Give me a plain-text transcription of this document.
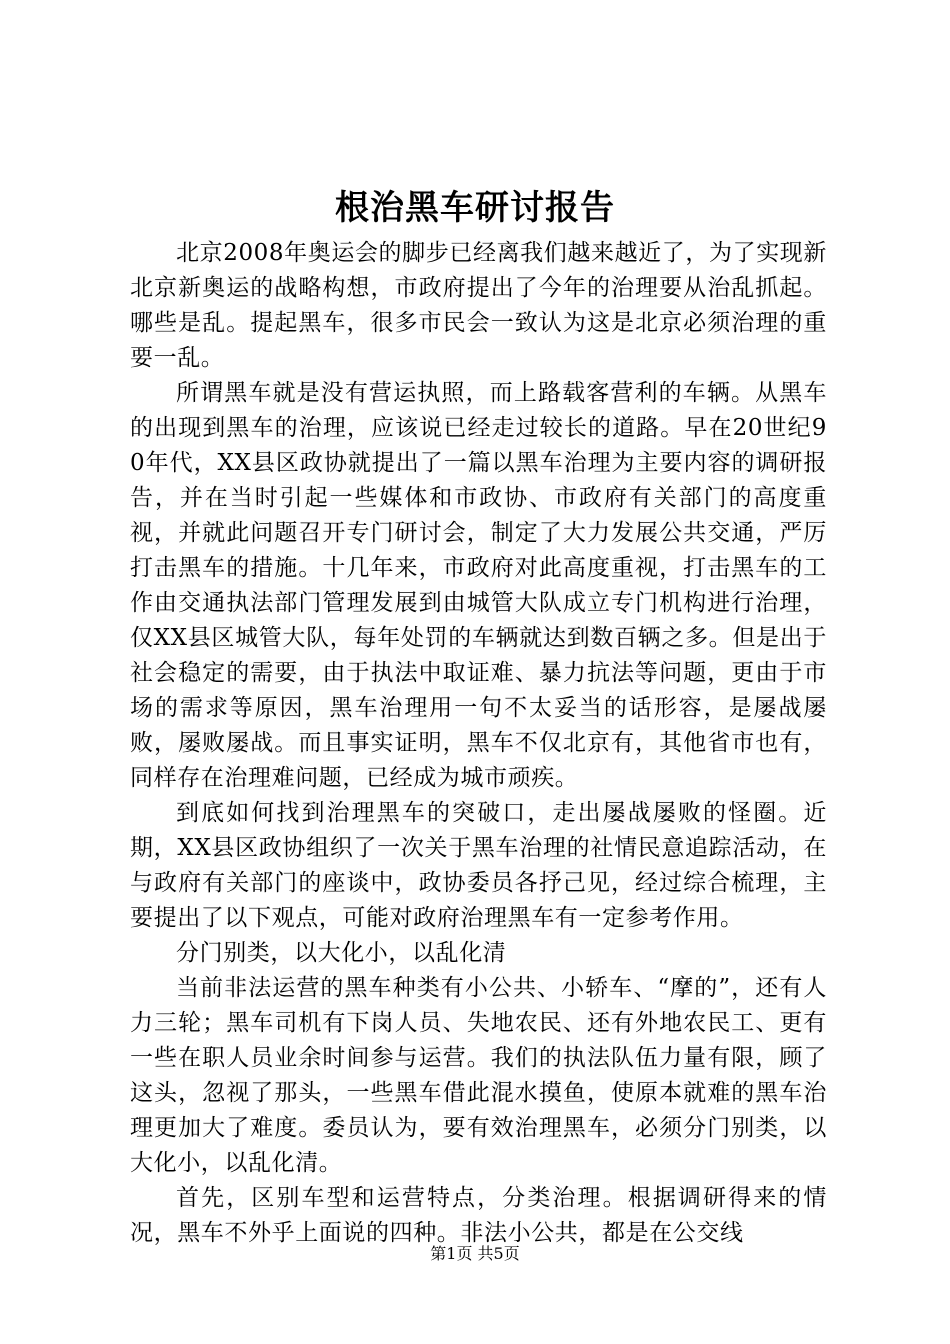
根治黑车研讨报告

北京2008年奥运会的脚步已经离我们越来越近了，为了实现新北京新奥运的战略构想，市政府提出了今年的治理要从治乱抓起。哪些是乱。提起黑车，很多市民会一致认为这是北京必须治理的重要一乱。

所谓黑车就是没有营运执照，而上路载客营利的车辆。从黑车的出现到黑车的治理，应该说已经走过较长的道路。早在20世纪90年代，XX县区政协就提出了一篇以黑车治理为主要内容的调研报告，并在当时引起一些媒体和市政协、市政府有关部门的高度重视，并就此问题召开专门研讨会，制定了大力发展公共交通，严厉打击黑车的措施。十几年来，市政府对此高度重视，打击黑车的工作由交通执法部门管理发展到由城管大队成立专门机构进行治理，仅XX县区城管大队，每年处罚的车辆就达到数百辆之多。但是出于社会稳定的需要，由于执法中取证难、暴力抗法等问题，更由于市场的需求等原因，黑车治理用一句不太妥当的话形容，是屡战屡败，屡败屡战。而且事实证明，黑车不仅北京有，其他省市也有，同样存在治理难问题，已经成为城市顽疾。

到底如何找到治理黑车的突破口，走出屡战屡败的怪圈。近期，XX县区政协组织了一次关于黑车治理的社情民意追踪活动，在与政府有关部门的座谈中，政协委员各抒己见，经过综合梳理，主要提出了以下观点，可能对政府治理黑车有一定参考作用。

分门别类，以大化小，以乱化清

当前非法运营的黑车种类有小公共、小轿车、“摩的”，还有人力三轮；黑车司机有下岗人员、失地农民、还有外地农民工、更有一些在职人员业余时间参与运营。我们的执法队伍力量有限，顾了这头，忽视了那头，一些黑车借此混水摸鱼，使原本就难的黑车治理更加大了难度。委员认为，要有效治理黑车，必须分门别类，以大化小，以乱化清。

首先，区别车型和运营特点，分类治理。根据调研得来的情况，黑车不外乎上面说的四种。非法小公共，都是在公交线

第1页 共5页
